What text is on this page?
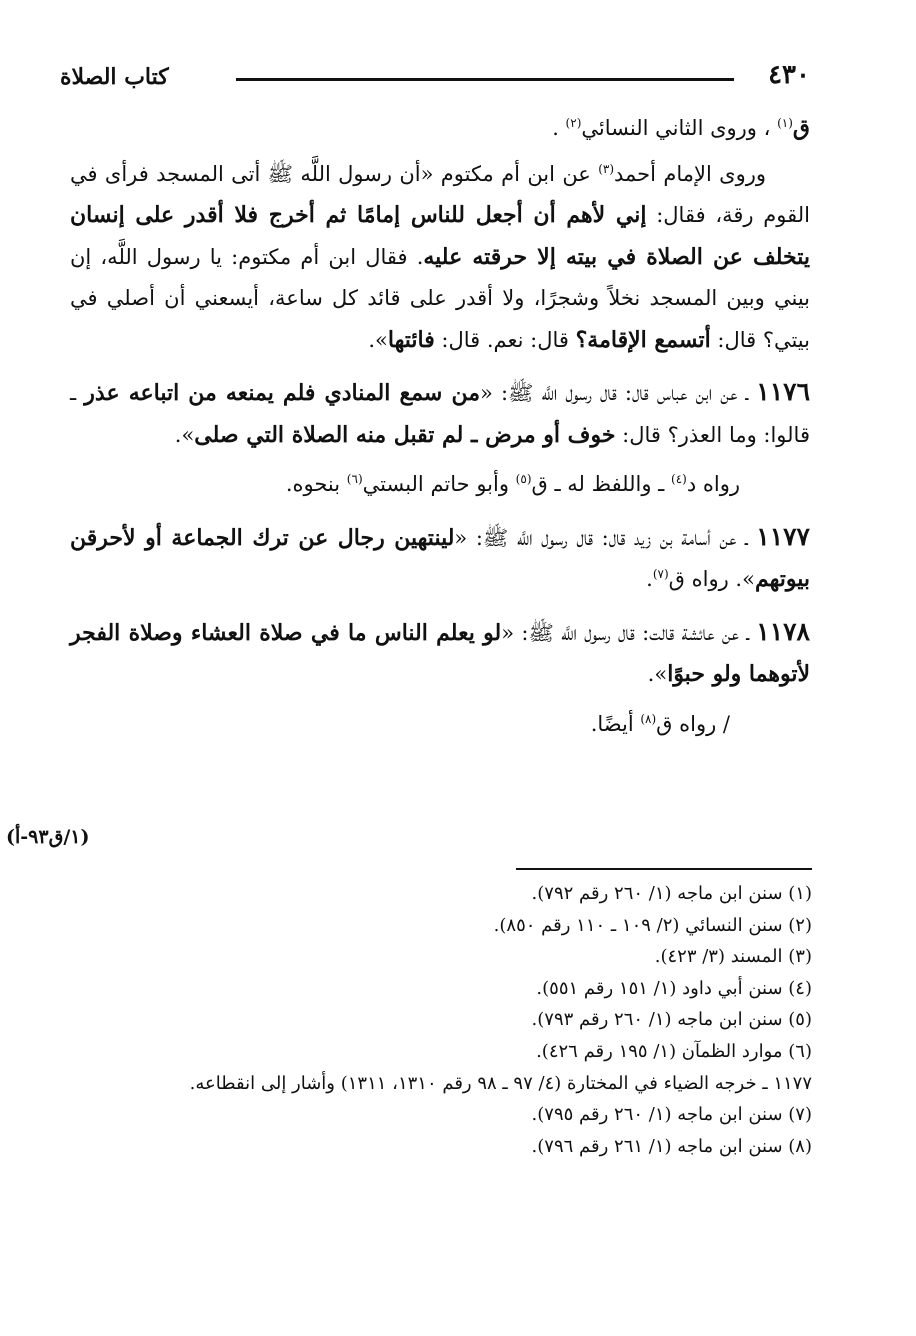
٤٣٠
كتاب الصلاة

ق$^{(١)}$ ، وروى الثاني النسائي$^{(٢)}$ .

وروى الإمام أحمد$^{(٣)}$ عن ابن أم مكتوم «أن رسول اللَّه ﷺ أتى المسجد فرأى في القوم رقة، فقال: إني لأهم أن أجعل للناس إمامًا ثم أخرج فلا أقدر على إنسان يتخلف عن الصلاة في بيته إلا حرقته عليه. فقال ابن أم مكتوم: يا رسول اللَّه، إن بيني وبين المسجد نخلاً وشجرًا، ولا أقدر على قائد كل ساعة، أيسعني أن أصلي في بيتي؟ قال: أتسمع الإقامة؟ قال: نعم. قال: فائتها».

١١٧٦ ـ عن ابن عباس قال: قال رسول اللَّه ﷺ: «من سمع المنادي فلم يمنعه من اتباعه عذر ـ قالوا: وما العذر؟ قال: خوف أو مرض ـ لم تقبل منه الصلاة التي صلى».

رواه د$^{(٤)}$ ـ واللفظ له ـ ق$^{(٥)}$ وأبو حاتم البستي$^{(٦)}$ بنحوه.

١١٧٧ ـ عن أسامة بن زيد قال: قال رسول اللَّه ﷺ: «لينتهين رجال عن ترك الجماعة أو لأحرقن بيوتهم». رواه ق$^{(٧)}$.

١١٧٨ ـ عن عائشة قالت: قال رسول اللَّه ﷺ: «لو يعلم الناس ما في صلاة العشاء وصلاة الفجر لأتوهما ولو حبوًا».

/ رواه ق$^{(٨)}$ أيضًا.

(١/ق٩٣-أ)
(١) سنن ابن ماجه (١/ ٢٦٠ رقم ٧٩٢).
(٢) سنن النسائي (٢/ ١٠٩ ـ ١١٠ رقم ٨٥٠).
(٣) المسند (٣/ ٤٢٣).
(٤) سنن أبي داود (١/ ١٥١ رقم ٥٥١).
(٥) سنن ابن ماجه (١/ ٢٦٠ رقم ٧٩٣).
(٦) موارد الظمآن (١/ ١٩٥ رقم ٤٢٦).
١١٧٧ ـ خرجه الضياء في المختارة (٤/ ٩٧ ـ ٩٨ رقم ١٣١٠، ١٣١١) وأشار إلى انقطاعه.
(٧) سنن ابن ماجه (١/ ٢٦٠ رقم ٧٩٥).
(٨) سنن ابن ماجه (١/ ٢٦١ رقم ٧٩٦).
